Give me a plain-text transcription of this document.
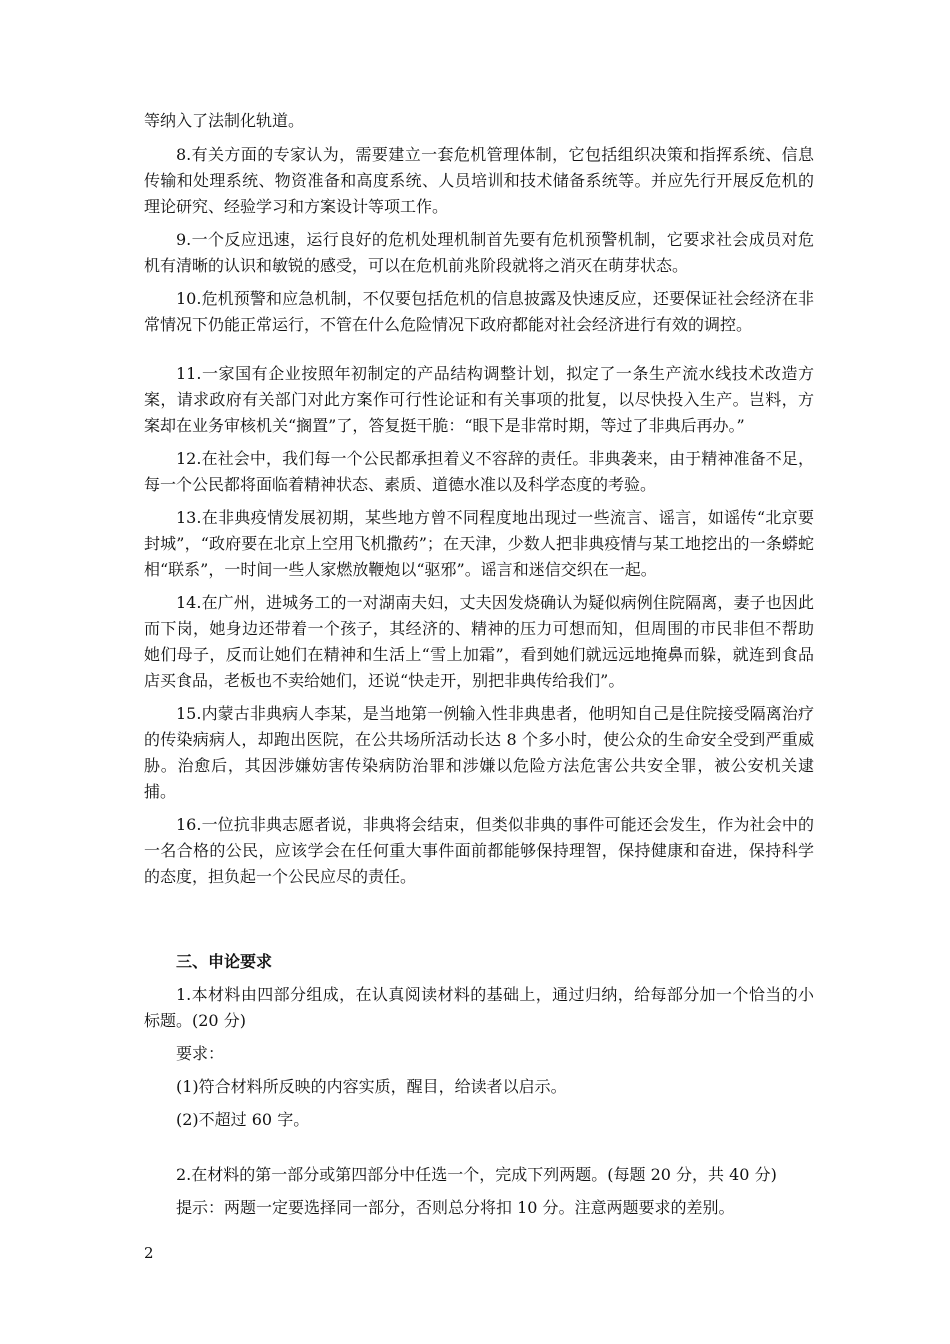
等纳入了法制化轨道。

8.有关方面的专家认为，需要建立一套危机管理体制，它包括组织决策和指挥系统、信息传输和处理系统、物资准备和高度系统、人员培训和技术储备系统等。并应先行开展反危机的理论研究、经验学习和方案设计等项工作。

9.一个反应迅速，运行良好的危机处理机制首先要有危机预警机制，它要求社会成员对危机有清晰的认识和敏锐的感受，可以在危机前兆阶段就将之消灭在萌芽状态。

10.危机预警和应急机制，不仅要包括危机的信息披露及快速反应，还要保证社会经济在非常情况下仍能正常运行，不管在什么危险情况下政府都能对社会经济进行有效的调控。

11.一家国有企业按照年初制定的产品结构调整计划，拟定了一条生产流水线技术改造方案，请求政府有关部门对此方案作可行性论证和有关事项的批复，以尽快投入生产。岂料，方案却在业务审核机关“搁置”了，答复挺干脆：“眼下是非常时期，等过了非典后再办。”

12.在社会中，我们每一个公民都承担着义不容辞的责任。非典袭来，由于精神准备不足，每一个公民都将面临着精神状态、素质、道德水准以及科学态度的考验。

13.在非典疫情发展初期，某些地方曾不同程度地出现过一些流言、谣言，如谣传“北京要封城”，“政府要在北京上空用飞机撒药”；在天津，少数人把非典疫情与某工地挖出的一条蟒蛇相“联系”，一时间一些人家燃放鞭炮以“驱邪”。谣言和迷信交织在一起。

14.在广州，进城务工的一对湖南夫妇，丈夫因发烧确认为疑似病例住院隔离，妻子也因此而下岗，她身边还带着一个孩子，其经济的、精神的压力可想而知，但周围的市民非但不帮助她们母子，反而让她们在精神和生活上“雪上加霜”，看到她们就远远地掩鼻而躲，就连到食品店买食品，老板也不卖给她们，还说“快走开，别把非典传给我们”。

15.内蒙古非典病人李某，是当地第一例输入性非典患者，他明知自己是住院接受隔离治疗的传染病病人，却跑出医院，在公共场所活动长达 8 个多小时，使公众的生命安全受到严重威胁。治愈后，其因涉嫌妨害传染病防治罪和涉嫌以危险方法危害公共安全罪，被公安机关逮捕。

16.一位抗非典志愿者说，非典将会结束，但类似非典的事件可能还会发生，作为社会中的一名合格的公民，应该学会在任何重大事件面前都能够保持理智，保持健康和奋进，保持科学的态度，担负起一个公民应尽的责任。

三、申论要求

1.本材料由四部分组成，在认真阅读材料的基础上，通过归纳，给每部分加一个恰当的小标题。(20 分)

要求：

(1)符合材料所反映的内容实质，醒目，给读者以启示。

(2)不超过 60 字。

2.在材料的第一部分或第四部分中任选一个，完成下列两题。(每题 20 分，共 40 分)

提示：两题一定要选择同一部分，否则总分将扣 10 分。注意两题要求的差别。

2
